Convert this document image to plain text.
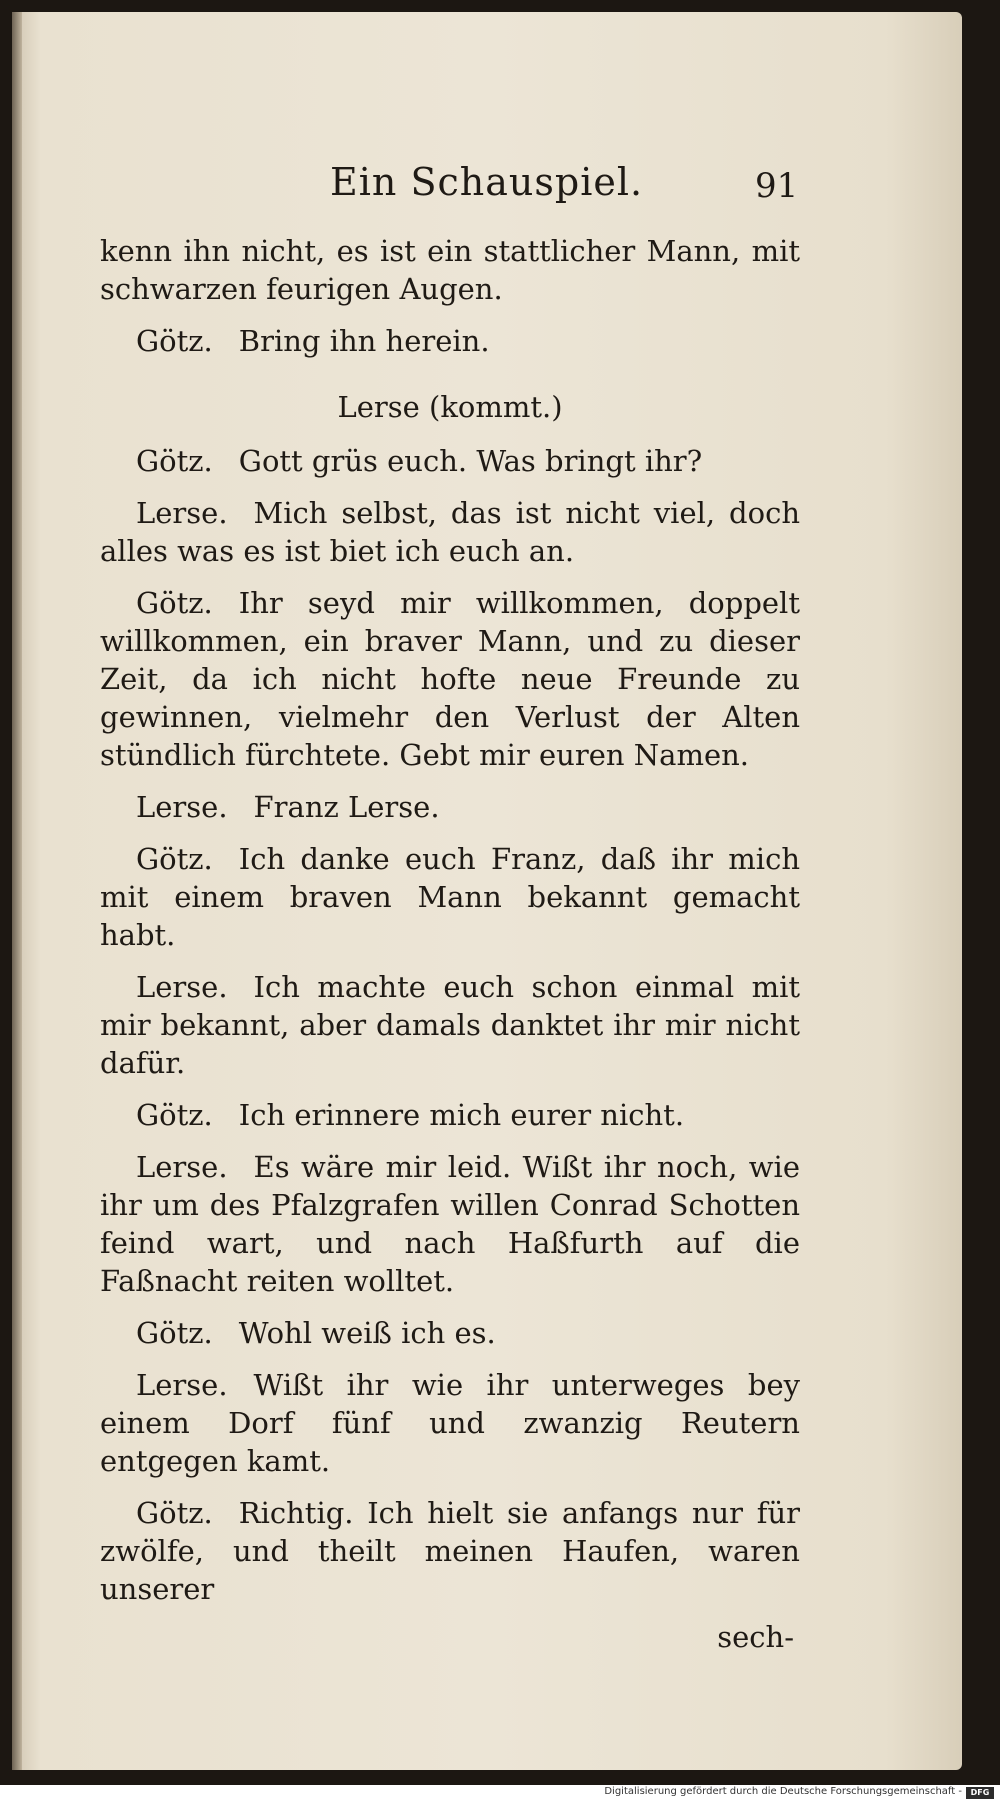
Ein Schauspiel.	91

kenn ihn nicht, es ist ein stattlicher Mann, mit schwarzen feurigen Augen.

Götz. Bring ihn herein.

Lerse (kommt.)

Götz. Gott grüs euch. Was bringt ihr?

Lerse. Mich selbst, das ist nicht viel, doch alles was es ist biet ich euch an.

Götz. Ihr seyd mir willkommen, doppelt willkommen, ein braver Mann, und zu dieser Zeit, da ich nicht hofte neue Freunde zu gewinnen, vielmehr den Verlust der Alten stündlich fürchtete. Gebt mir euren Namen.

Lerse. Franz Lerse.

Götz. Ich danke euch Franz, daß ihr mich mit einem braven Mann bekannt gemacht habt.

Lerse. Ich machte euch schon einmal mit mir bekannt, aber damals danktet ihr mir nicht dafür.

Götz. Ich erinnere mich eurer nicht.

Lerse. Es wäre mir leid. Wißt ihr noch, wie ihr um des Pfalzgrafen willen Conrad Schotten feind wart, und nach Haßfurth auf die Faßnacht reiten wolltet.

Götz. Wohl weiß ich es.

Lerse. Wißt ihr wie ihr unterweges bey einem Dorf fünf und zwanzig Reutern entgegen kamt.

Götz. Richtig. Ich hielt sie anfangs nur für zwölfe, und theilt meinen Haufen, waren unserer

sech-
Digitalisierung gefördert durch die Deutsche Forschungsgemeinschaft -	DFG
